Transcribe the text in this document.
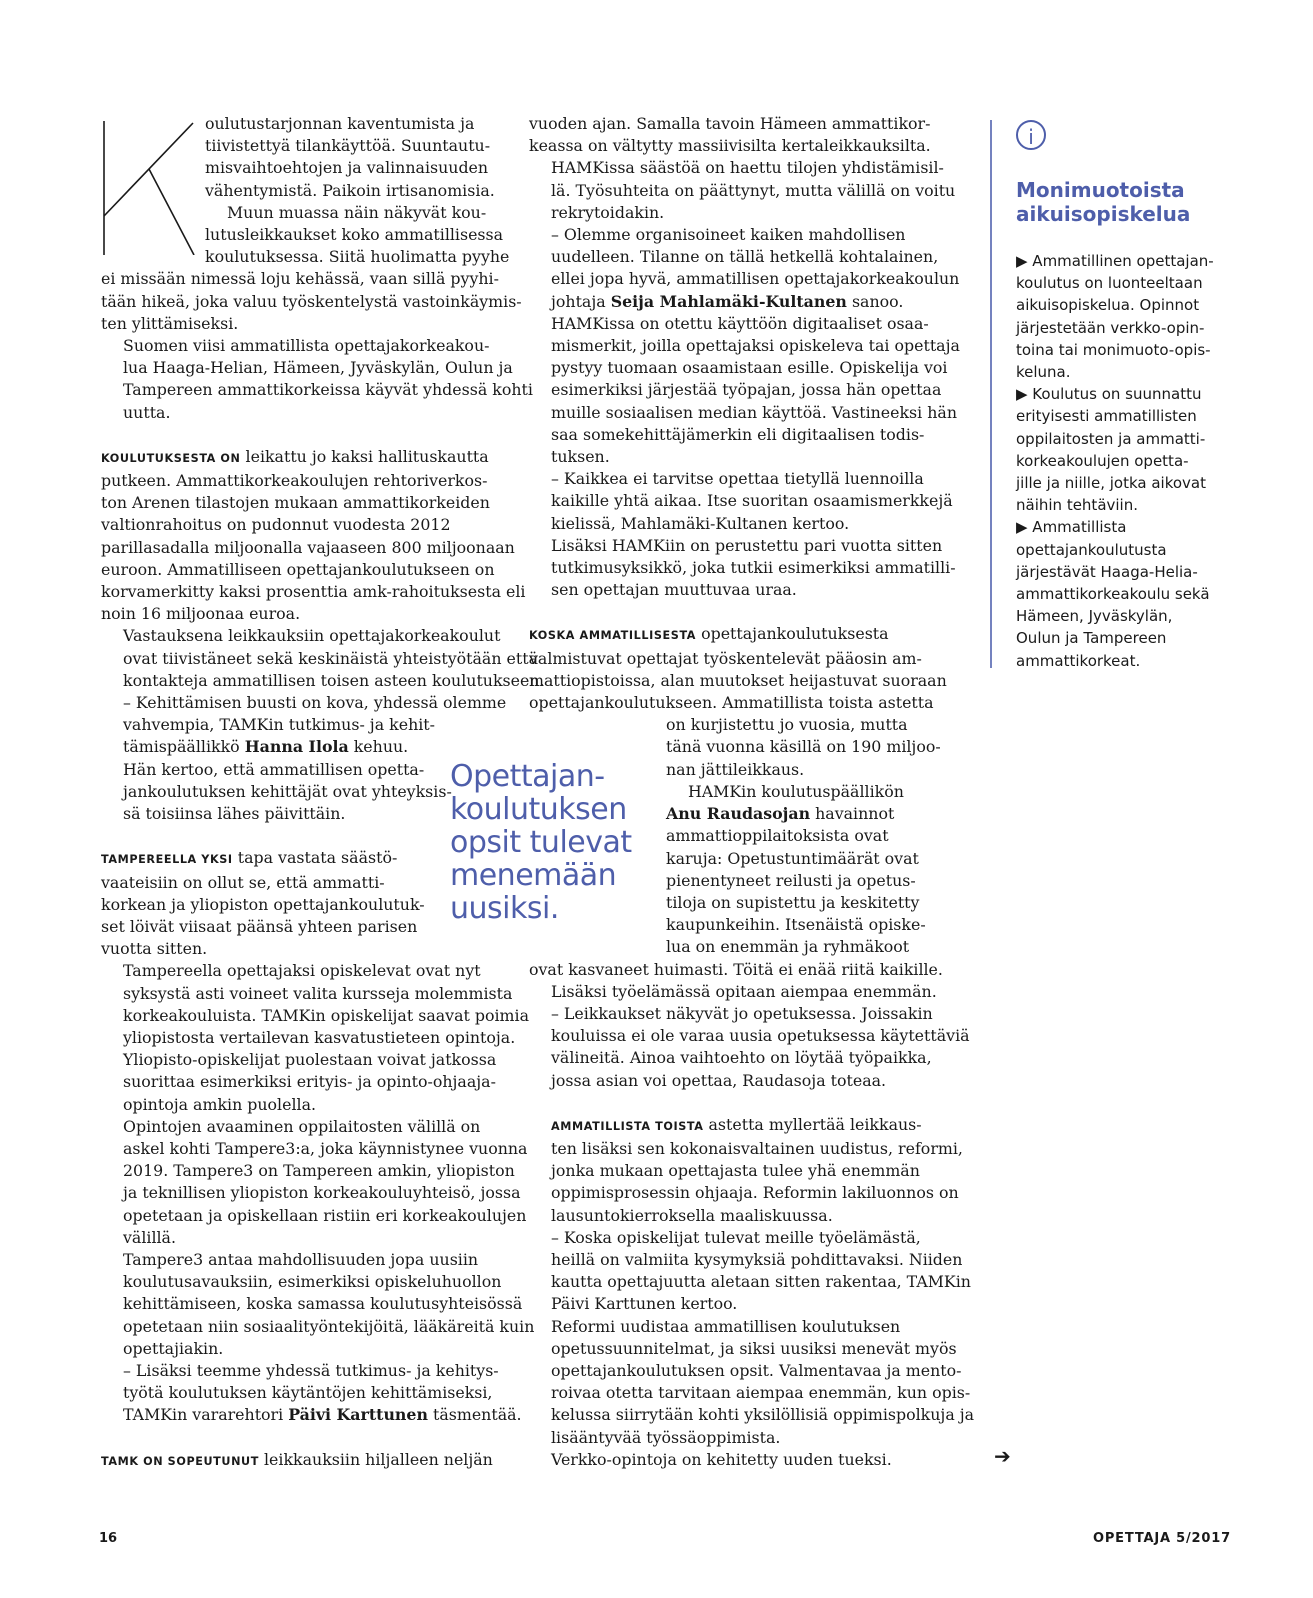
oulutustarjonnan kaventumista ja
tiivistettyä tilankäyttöä. Suuntautu-
misvaihtoehtojen ja valinnaisuuden
vähentymistä. Paikoin irtisanomisia.
Muun muassa näin näkyvät kou-
lutusleikkaukset koko ammatillisessa
koulutuksessa. Siitä huolimatta pyyhe

ei missään nimessä loju kehässä, vaan sillä pyyhi-
tään hikeä, joka valuu työskentelystä vastoinkäymis-
ten ylittämiseksi.

Suomen viisi ammatillista opettajakorkeakou-
lua Haaga-Helian, Hämeen, Jyväskylän, Oulun ja
Tampereen ammattikorkeissa käyvät yhdessä kohti
uutta.

KOULUTUKSESTA ON leikattu jo kaksi hallituskautta

putkeen. Ammattikorkeakoulujen rehtoriverkos-
ton Arenen tilastojen mukaan ammattikorkeiden
valtionrahoitus on pudonnut vuodesta 2012
parillasadalla miljoonalla vajaaseen 800 miljoonaan
euroon. Ammatilliseen opettajankoulutukseen on
korvamerkitty kaksi prosenttia amk-rahoituksesta eli
noin 16 miljoonaa euroa.

Vastauksena leikkauksiin opettajakorkeakoulut
ovat tiivistäneet sekä keskinäistä yhteistyötään että
kontakteja ammatillisen toisen asteen koulutukseen.

– Kehittämisen buusti on kova, yhdessä olemme
vahvempia, TAMKin tutkimus- ja kehit-
tämispäällikkö Hanna Ilola kehuu.

Hän kertoo, että ammatillisen opetta-
jankoulutuksen kehittäjät ovat yhteyksis-
sä toisiinsa lähes päivittäin.

TAMPEREELLA YKSI tapa vastata säästö-

vaateisiin on ollut se, että ammatti-
korkean ja yliopiston opettajankoulutuk-
set löivät viisaat päänsä yhteen parisen
vuotta sitten.

Tampereella opettajaksi opiskelevat ovat nyt
syksystä asti voineet valita kursseja molemmista
korkeakouluista. TAMKin opiskelijat saavat poimia
yliopistosta vertailevan kasvatustieteen opintoja.
Yliopisto-opiskelijat puolestaan voivat jatkossa
suorittaa esimerkiksi erityis- ja opinto-ohjaaja-
opintoja amkin puolella.

Opintojen avaaminen oppilaitosten välillä on
askel kohti Tampere3:a, joka käynnistynee vuonna
2019. Tampere3 on Tampereen amkin, yliopiston
ja teknillisen yliopiston korkeakouluyhteisö, jossa
opetetaan ja opiskellaan ristiin eri korkeakoulujen
välillä.

Tampere3 antaa mahdollisuuden jopa uusiin
koulutusavauksiin, esimerkiksi opiskeluhuollon
kehittämiseen, koska samassa koulutusyhteisössä
opetetaan niin sosiaalityöntekijöitä, lääkäreitä kuin
opettajiakin.

– Lisäksi teemme yhdessä tutkimus- ja kehitys-
työtä koulutuksen käytäntöjen kehittämiseksi,
TAMKin vararehtori Päivi Karttunen täsmentää.

TAMK ON SOPEUTUNUT leikkauksiin hiljalleen neljän

vuoden ajan. Samalla tavoin Hämeen ammattikor-
keassa on vältytty massiivisilta kertaleikkauksilta.

HAMKissa säästöä on haettu tilojen yhdistämisil-
lä. Työsuhteita on päättynyt, mutta välillä on voitu
rekrytoidakin.

– Olemme organisoineet kaiken mahdollisen
uudelleen. Tilanne on tällä hetkellä kohtalainen,
ellei jopa hyvä, ammatillisen opettajakorkeakoulun
johtaja Seija Mahlamäki-Kultanen sanoo.

HAMKissa on otettu käyttöön digitaaliset osaa-
mismerkit, joilla opettajaksi opiskeleva tai opettaja
pystyy tuomaan osaamistaan esille. Opiskelija voi
esimerkiksi järjestää työpajan, jossa hän opettaa
muille sosiaalisen median käyttöä. Vastineeksi hän
saa somekehittäjämerkin eli digitaalisen todis-
tuksen.

– Kaikkea ei tarvitse opettaa tietyllä luennoilla
kaikille yhtä aikaa. Itse suoritan osaamismerkkejä
kielissä, Mahlamäki-Kultanen kertoo.

Lisäksi HAMKiin on perustettu pari vuotta sitten
tutkimusyksikkö, joka tutkii esimerkiksi ammatilli-
sen opettajan muuttuvaa uraa.

KOSKA AMMATILLISESTA opettajankoulutuksesta

valmistuvat opettajat työskentelevät pääosin am-
mattiopistoissa, alan muutokset heijastuvat suoraan
opettajankoulutukseen. Ammatillista toista astetta

on kurjistettu jo vuosia, mutta
tänä vuonna käsillä on 190 miljoo-
nan jättileikkaus.

HAMKin koulutuspäällikön
Anu Raudasojan havainnot
ammattioppilaitoksista ovat
karuja: Opetustuntimäärät ovat
pienentyneet reilusti ja opetus-
tiloja on supistettu ja keskitetty
kaupunkeihin. Itsenäistä opiske-
lua on enemmän ja ryhmäkoot

ovat kasvaneet huimasti. Töitä ei enää riitä kaikille.

Lisäksi työelämässä opitaan aiempaa enemmän.

– Leikkaukset näkyvät jo opetuksessa. Joissakin
kouluissa ei ole varaa uusia opetuksessa käytettäviä
välineitä. Ainoa vaihtoehto on löytää työpaikka,
jossa asian voi opettaa, Raudasoja toteaa.

AMMATILLISTA TOISTA astetta myllertää leikkaus-

ten lisäksi sen kokonaisvaltainen uudistus, reformi,
jonka mukaan opettajasta tulee yhä enemmän
oppimisprosessin ohjaaja. Reformin lakiluonnos on
lausuntokierroksella maaliskuussa.

– Koska opiskelijat tulevat meille työelämästä,
heillä on valmiita kysymyksiä pohdittavaksi. Niiden
kautta opettajuutta aletaan sitten rakentaa, TAMKin
Päivi Karttunen kertoo.

Reformi uudistaa ammatillisen koulutuksen
opetussuunnitelmat, ja siksi uusiksi menevät myös
opettajankoulutuksen opsit. Valmentavaa ja mento-
roivaa otetta tarvitaan aiempaa enemmän, kun opis-
kelussa siirrytään kohti yksilöllisiä oppimispolkuja ja
lisääntyvää työssäoppimista.

Verkko-opintoja on kehitetty uuden tueksi.

Opettajan-
koulutuksen
opsit tulevat
menemään
uusiksi.
i
Monimuotoista
aikuisopiskelua
▶ Ammatillinen opettajan-
koulutus on luonteeltaan
aikuisopiskelua. Opinnot
järjestetään verkko-opin-
toina tai monimuoto-opis-
keluna.
▶ Koulutus on suunnattu
erityisesti ammatillisten
oppilaitosten ja ammatti-
korkeakoulujen opetta-
jille ja niille, jotka aikovat
näihin tehtäviin.
▶ Ammatillista
opettajankoulutusta
järjestävät Haaga-Helia-
ammattikorkeakoulu sekä
Hämeen, Jyväskylän,
Oulun ja Tampereen
ammattikorkeat.
➔
16	OPETTAJA 5/2017
